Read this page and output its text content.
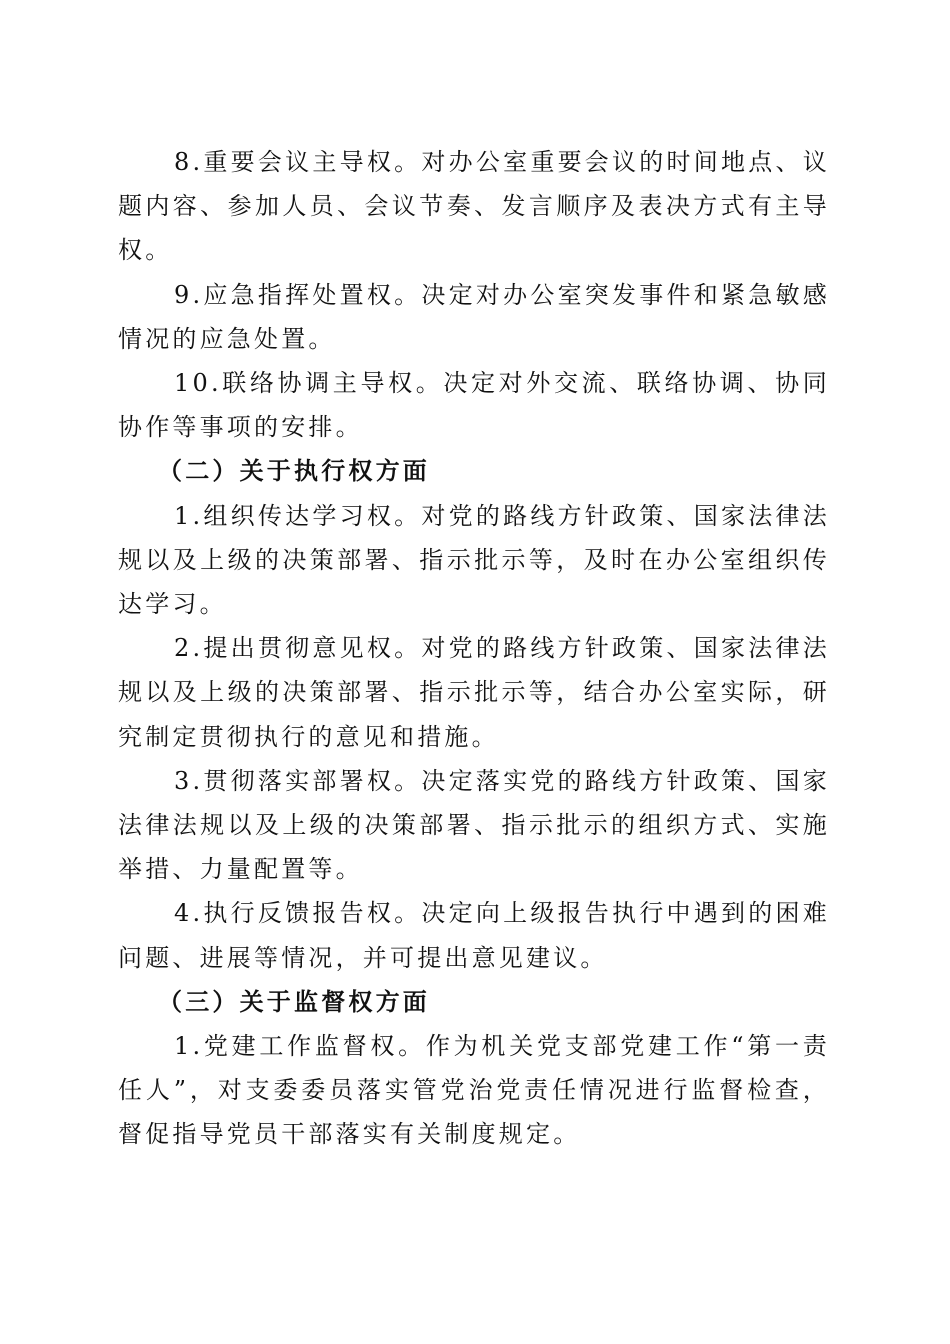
8.重要会议主导权。对办公室重要会议的时间地点、议题内容、参加人员、会议节奏、发言顺序及表决方式有主导权。

9.应急指挥处置权。决定对办公室突发事件和紧急敏感情况的应急处置。

10.联络协调主导权。决定对外交流、联络协调、协同协作等事项的安排。

（二）关于执行权方面

1.组织传达学习权。对党的路线方针政策、国家法律法规以及上级的决策部署、指示批示等，及时在办公室组织传达学习。

2.提出贯彻意见权。对党的路线方针政策、国家法律法规以及上级的决策部署、指示批示等，结合办公室实际，研究制定贯彻执行的意见和措施。

3.贯彻落实部署权。决定落实党的路线方针政策、国家法律法规以及上级的决策部署、指示批示的组织方式、实施举措、力量配置等。

4.执行反馈报告权。决定向上级报告执行中遇到的困难问题、进展等情况，并可提出意见建议。

（三）关于监督权方面

1.党建工作监督权。作为机关党支部党建工作“第一责任人”，对支委委员落实管党治党责任情况进行监督检查，督促指导党员干部落实有关制度规定。
